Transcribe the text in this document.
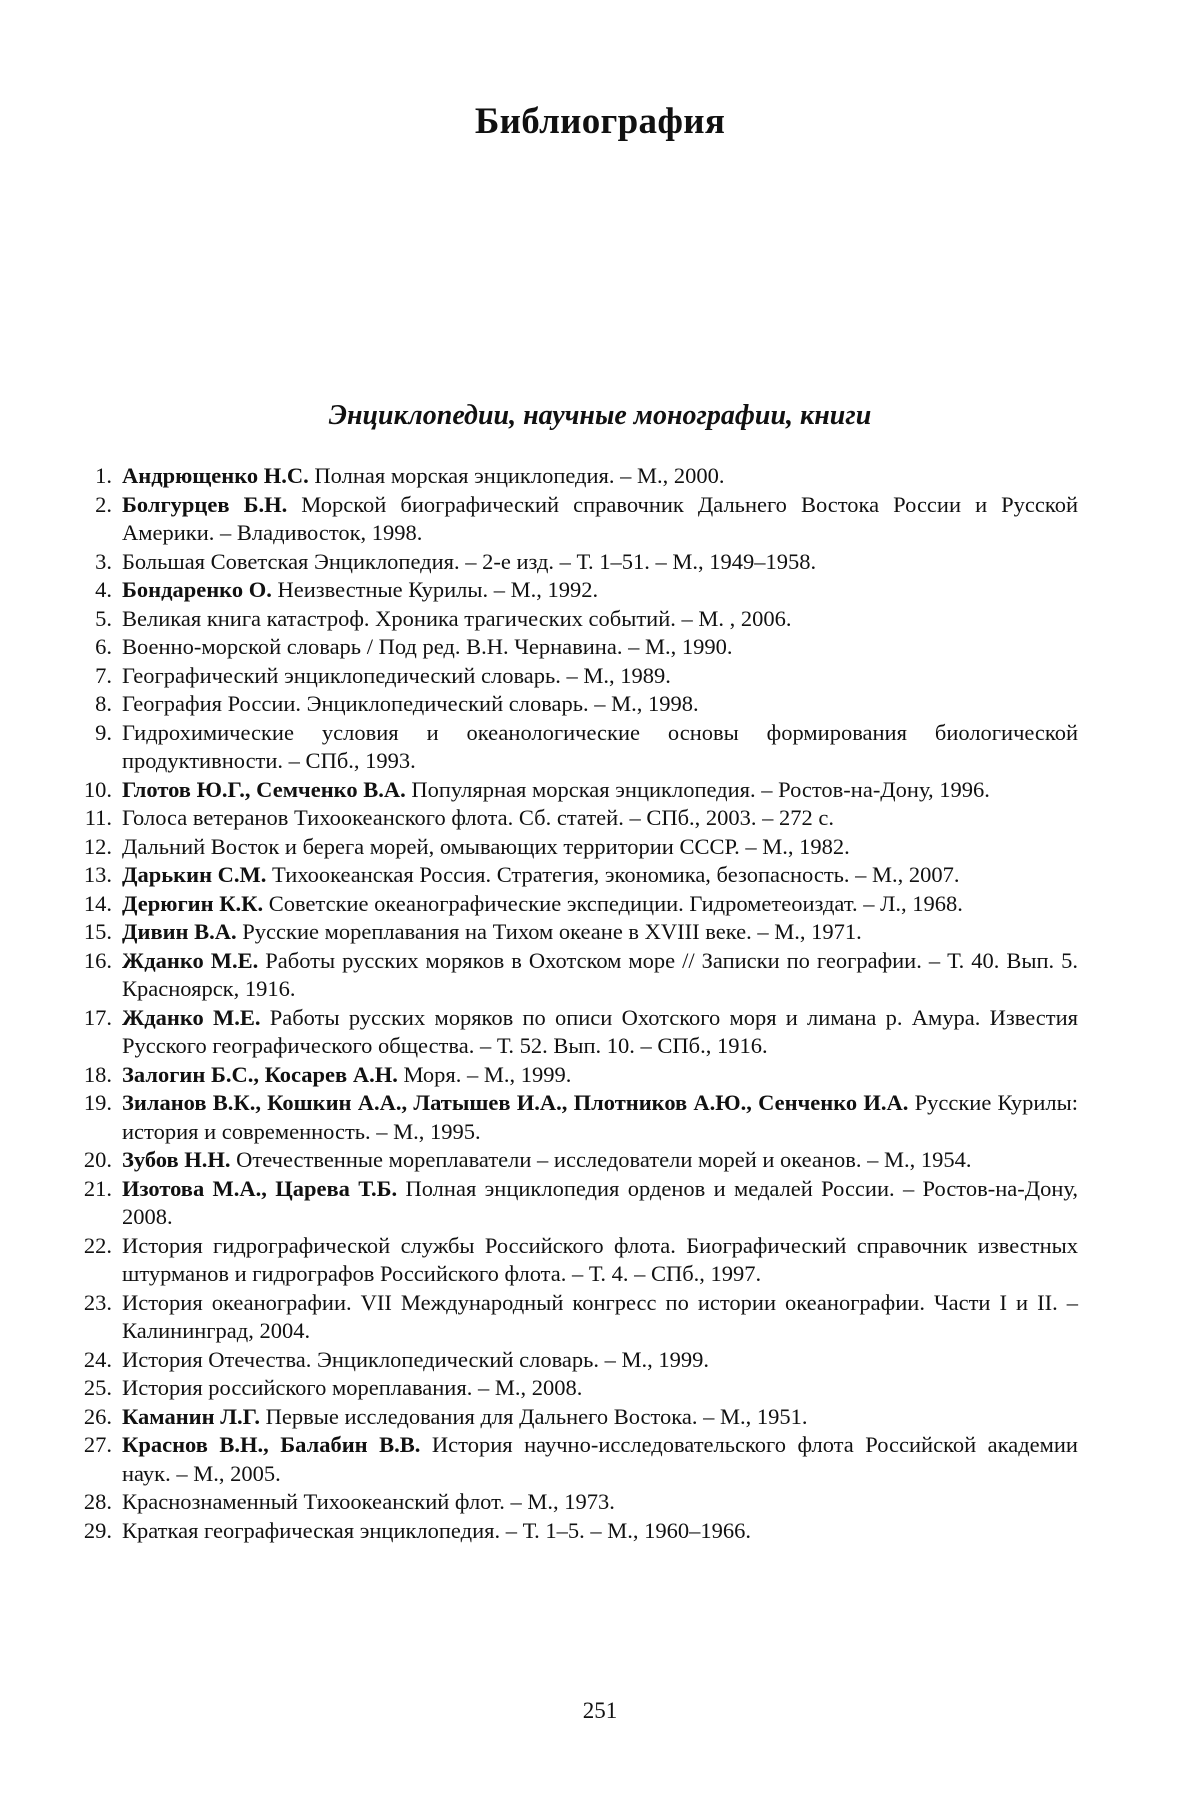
Библиография
Энциклопедии, научные монографии, книги
1. Андрющенко Н.С. Полная морская энциклопедия. – М., 2000.
2. Болгурцев Б.Н. Морской биографический справочник Дальнего Востока России и Русской Америки. – Владивосток, 1998.
3. Большая Советская Энциклопедия. – 2-е изд. – Т. 1–51. – М., 1949–1958.
4. Бондаренко О. Неизвестные Курилы. – М., 1992.
5. Великая книга катастроф. Хроника трагических событий. – М. , 2006.
6. Военно-морской словарь / Под ред. В.Н. Чернавина. – М., 1990.
7. Географический энциклопедический словарь. – М., 1989.
8. География России. Энциклопедический словарь. – М., 1998.
9. Гидрохимические условия и океанологические основы формирования биологической продуктивности. – СПб., 1993.
10. Глотов Ю.Г., Семченко В.А. Популярная морская энциклопедия. – Ростов-на-Дону, 1996.
11. Голоса ветеранов Тихоокеанского флота. Сб. статей. – СПб., 2003. – 272 с.
12. Дальний Восток и берега морей, омывающих территории СССР. – М., 1982.
13. Дарькин С.М. Тихоокеанская Россия. Стратегия, экономика, безопасность. – М., 2007.
14. Дерюгин К.К. Советские океанографические экспедиции. Гидрометеоиздат. – Л., 1968.
15. Дивин В.А. Русские мореплавания на Тихом океане в XVIII веке. – М., 1971.
16. Жданко М.Е. Работы русских моряков в Охотском море // Записки по географии. – Т. 40. Вып. 5. Красноярск, 1916.
17. Жданко М.Е. Работы русских моряков по описи Охотского моря и лимана р. Амура. Известия Русского географического общества. – Т. 52. Вып. 10. – СПб., 1916.
18. Залогин Б.С., Косарев А.Н. Моря. – М., 1999.
19. Зиланов В.К., Кошкин А.А., Латышев И.А., Плотников А.Ю., Сенченко И.А. Русские Курилы: история и современность. – М., 1995.
20. Зубов Н.Н. Отечественные мореплаватели – исследователи морей и океанов. – М., 1954.
21. Изотова М.А., Царева Т.Б. Полная энциклопедия орденов и медалей России. – Ростов-на-Дону, 2008.
22. История гидрографической службы Российского флота. Биографический справочник известных штурманов и гидрографов Российского флота. – Т. 4. – СПб., 1997.
23. История океанографии. VII Международный конгресс по истории океанографии. Части I и II. – Калининград, 2004.
24. История Отечества. Энциклопедический словарь. – М., 1999.
25. История российского мореплавания. – М., 2008.
26. Каманин Л.Г. Первые исследования для Дальнего Востока. – М., 1951.
27. Краснов В.Н., Балабин В.В. История научно-исследовательского флота Российской академии наук. – М., 2005.
28. Краснознаменный Тихоокеанский флот. – М., 1973.
29. Краткая географическая энциклопедия. – Т. 1–5. – М., 1960–1966.
251
